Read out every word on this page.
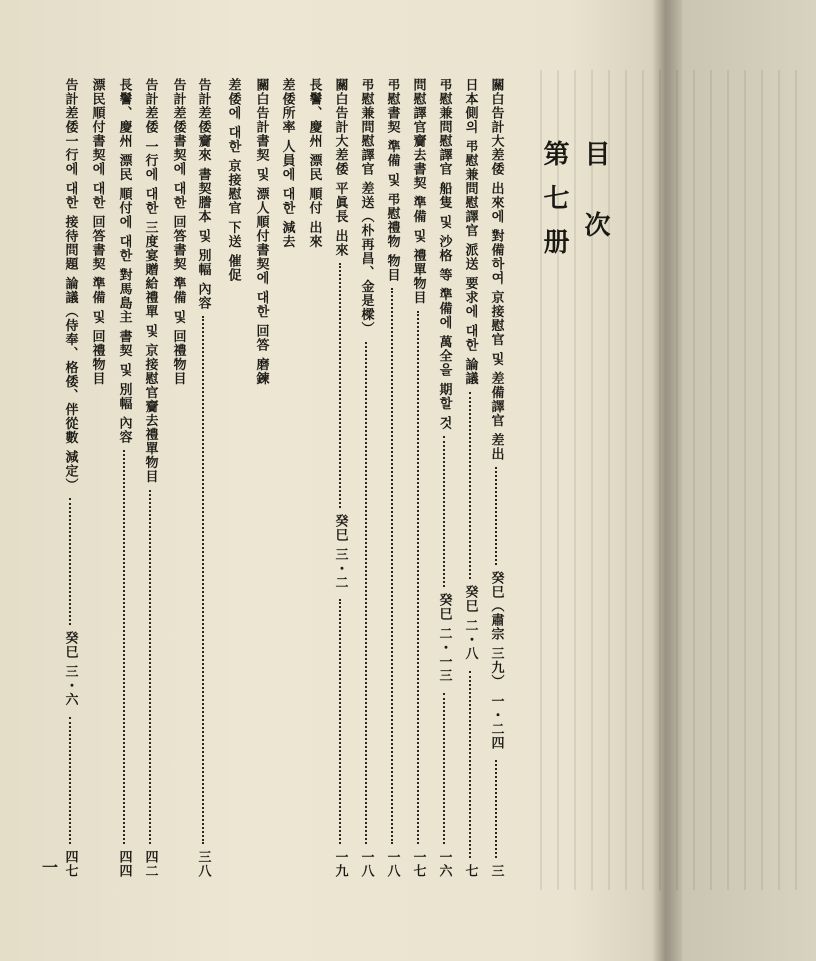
目 次
第七册
關白告計大差倭 出來에 對備하여 京接慰官 및 差備譯官 差出
癸巳（肅宗 三九） 一・二四
三
日本側의 弔慰兼問慰譯官 派送 要求에 대한 論議
癸巳 二・八
七
弔慰兼問慰譯官 船隻 및 沙格 等 準備에 萬全을 期할 것
癸巳 二・一三
一六
問慰譯官齎去書契 準備 및 禮單物目
一七
弔慰書契 準備 및 弔慰禮物 物目
一八
弔慰兼問慰譯官 差送（朴再昌、金是樑）
一八
關白告計大差倭 平眞長 出來
癸巳 三・二
一九
長鬐、慶州 漂民 順付 出來
差倭所率 人員에 대한 減去
關白告計書契 및 漂人順付書契에 대한 回答 磨鍊
差倭에 대한 京接慰官 下送 催促
告計差倭齎來 書契謄本 및 別幅 內容
三八
告計差倭書契에 대한 回答書契 準備 및 回禮物目
告計差倭 一行에 대한 三度宴贈給禮單 및 京接慰官齎去禮單物目
四二
長鬐、慶州 漂民 順付에 대한 對馬島主 書契 및 別幅 內容
四四
漂民順付書契에 대한 回答書契 準備 및 回禮物目
告計差倭一行에 대한 接待問題 論議（侍奉、格倭、伴從數 減定）
癸巳 三・六
四七
一
